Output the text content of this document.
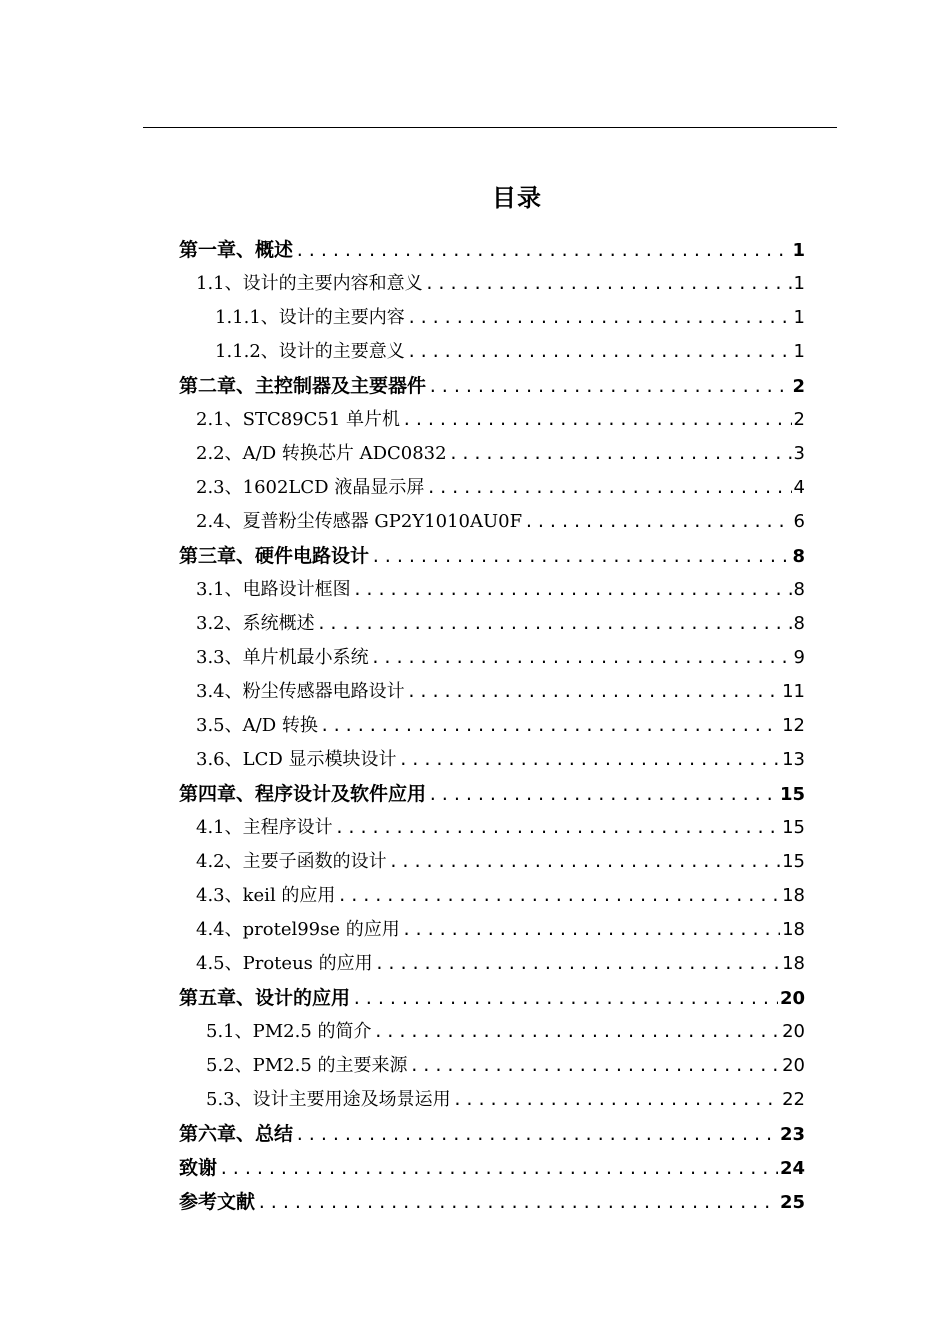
目录
第一章、概述 .....	1
1.1、设计的主要内容和意义 .....	1
1.1.1、设计的主要内容 .....	1
1.1.2、设计的主要意义 .....	1
第二章、主控制器及主要器件 .....	2
2.1、STC89C51 单片机 .....	2
2.2、A/D 转换芯片 ADC0832 .....	3
2.3、1602LCD 液晶显示屏 .....	4
2.4、夏普粉尘传感器 GP2Y1010AU0F .....	6
第三章、硬件电路设计 .....	8
3.1、电路设计框图 .....	8
3.2、系统概述 .....	8
3.3、单片机最小系统 .....	9
3.4、粉尘传感器电路设计 .....	11
3.5、A/D 转换 .....	12
3.6、LCD 显示模块设计 .....	13
第四章、程序设计及软件应用 .....	15
4.1、主程序设计 .....	15
4.2、主要子函数的设计 .....	15
4.3、keil 的应用 .....	18
4.4、protel99se 的应用 .....	18
4.5、Proteus 的应用 .....	18
第五章、设计的应用 .....	20
5.1、PM2.5 的简介 .....	20
5.2、PM2.5 的主要来源 .....	20
5.3、设计主要用途及场景运用 .....	22
第六章、总结 .....	23
致谢 .....	24
参考文献 .....	25
